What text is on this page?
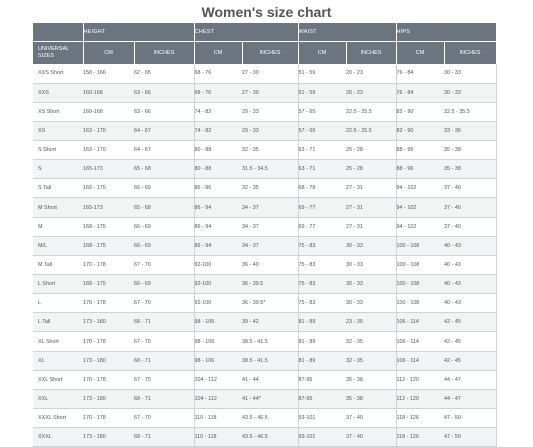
Women's size chart
	HEIGHT		CHEST		WAIST		HIPS	
UNIVERSAL SIZES	CM	INCHES	CM	INCHES	CM	INCHES	CM	INCHES
XXS Short	158 - 166	62 - 65	68 - 76	27 - 30	51 - 59	20 - 23	76 - 84	30 - 33
XXS	160-168	63 - 66	68 - 76	27 - 30	51 - 59	20 - 23	76 - 84	30 - 33
XS Short	160-168	63 - 66	74 - 82	29 - 33	57 - 65	22.5 - 25.5	82 - 90	32.5 - 35.5
XS	163 - 170	64 - 67	74 - 82	29 - 33	57 - 65	22.5 - 25.5	82 - 90	33 - 36
S Short	163 - 170	64 - 67	80 - 88	32 - 35	63 - 71	25 - 28	88 - 96	35 - 38
S	165-173	65 - 68	80 - 88	31.5 - 34.5	63 - 71	25 - 28	88 - 96	35 - 38
S Tall	168 - 175	66 - 69	86 - 96	32 - 35	68 - 78	27 - 31	94 - 102	37 - 40
M Short	165-173	65 - 68	86 - 94	34 - 37	69 - 77	27 - 31	94 - 102	37 - 40
M	168 - 175	66 - 69	86 - 94	34 - 37	69 - 77	27 - 31	94 - 102	37 - 40
M/L	168 - 175	66 - 69	86 - 94	34 - 37	75 - 83	30 - 33	100 - 108	40 - 43
M Tall	170 - 178	67 - 70	92-100	36 - 40	75 - 83	30 - 33	100 - 108	40 - 43
L Short	168 - 175	66 - 69	92-100	36 - 39.5	75 - 83	30 - 33	100 - 108	40 - 43
L	170 - 178	67 - 70	92-100	36 - 39.5*	75 - 83	30 - 33	100 - 108	40 - 43
L Tall	173 - 180	68 - 71	98 - 106	39 - 42	81 - 89	23 - 35	106 - 114	42 - 45
XL Short	170 - 178	67 - 70	98 - 106	38.5 - 41.5	81 - 89	32 - 35	106 - 114	42 - 45
XL	173 - 180	68 - 71	98 - 106	38.5 - 41.5	81 - 89	32 - 35	106 - 114	42 - 45
XXL Short	170 - 178	67 - 70	104 - 112	41 - 44	87-95	35 - 38	112 - 120	44 - 47
XXL	173 - 180	68 - 71	104 - 112	41 - 44*	87-95	35 - 38	112 - 120	44 - 47
XXXL Short	170 - 178	67 - 70	110 - 118	43.5 - 46.5	93-101	37 - 40	118 - 126	47 - 50
XXXL	173 - 180	68 - 71	110 - 118	43.5 - 46.5	93-101	37 - 40	118 - 126	47 - 50
